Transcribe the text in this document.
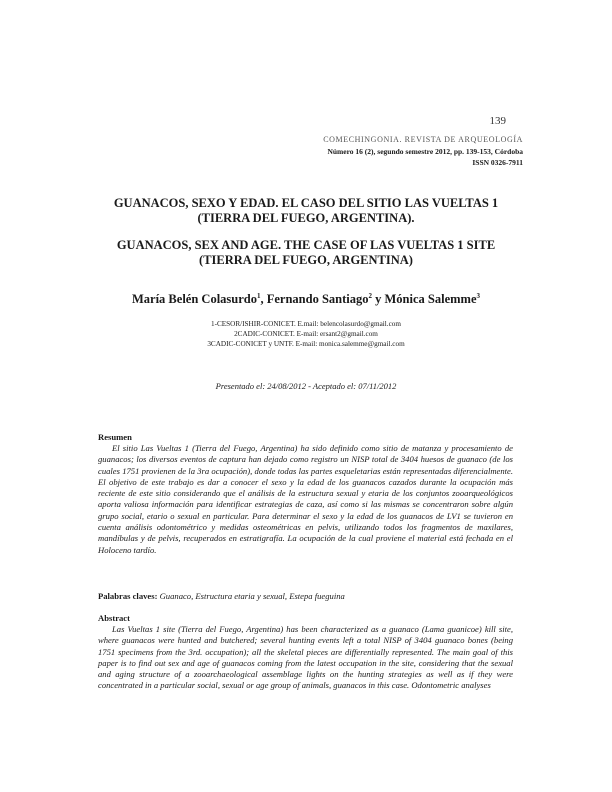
139
COMECHINGONIA. REVISTA DE ARQUEOLOGÍA
Número 16 (2), segundo semestre 2012, pp. 139-153, Córdoba
ISSN 0326-7911
GUANACOS, SEXO Y EDAD. EL CASO DEL SITIO LAS VUELTAS 1
(TIERRA DEL FUEGO, ARGENTINA).
GUANACOS, SEX AND AGE. THE CASE OF LAS VUELTAS 1 SITE
(TIERRA DEL FUEGO, ARGENTINA)
María Belén Colasurdo$^1$, Fernando Santiago$^2$ y Mónica Salemme$^3$
1-CESOR/ISHIR-CONICET. E.mail: belencolasurdo@gmail.com
2CADIC-CONICET. E-mail: ersant2@gmail.com
3CADIC-CONICET y UNTF. E-mail: monica.salemme@gmail.com
Presentado el: 24/08/2012 - Aceptado el: 07/11/2012
Resumen
El sitio Las Vueltas 1 (Tierra del Fuego, Argentina) ha sido definido como sitio de matanza y procesamiento de guanacos; los diversos eventos de captura han dejado como registro un NISP total de 3404 huesos de guanaco (de los cuales 1751 provienen de la 3ra ocupación), donde todas las partes esqueletarias están representadas diferencialmente. El objetivo de este trabajo es dar a conocer el sexo y la edad de los guanacos cazados durante la ocupación más reciente de este sitio considerando que el análisis de la estructura sexual y etaria de los conjuntos zooarqueológicos aporta valiosa información para identificar estrategias de caza, así como si las mismas se concentraron sobre algún grupo social, etario o sexual en particular. Para determinar el sexo y la edad de los guanacos de LV1 se tuvieron en cuenta análisis odontométrico y medidas osteométricas en pelvis, utilizando todos los fragmentos de maxilares, mandíbulas y de pelvis, recuperados en estratigrafía. La ocupación de la cual proviene el material está fechada en el Holoceno tardío.
Palabras claves: Guanaco, Estructura etaria y sexual, Estepa fueguina
Abstract
Las Vueltas 1 site (Tierra del Fuego, Argentina) has been characterized as a guanaco (Lama guanicoe) kill site, where guanacos were hunted and butchered; several hunting events left a total NISP of 3404 guanaco bones (being 1751 specimens from the 3rd. occupation); all the skeletal pieces are differentially represented. The main goal of this paper is to find out sex and age of guanacos coming from the latest occupation in the site, considering that the sexual and aging structure of a zooarchaeological assemblage lights on the hunting strategies as well as if they were concentrated in a particular social, sexual or age group of animals, guanacos in this case. Odontometric analyses
